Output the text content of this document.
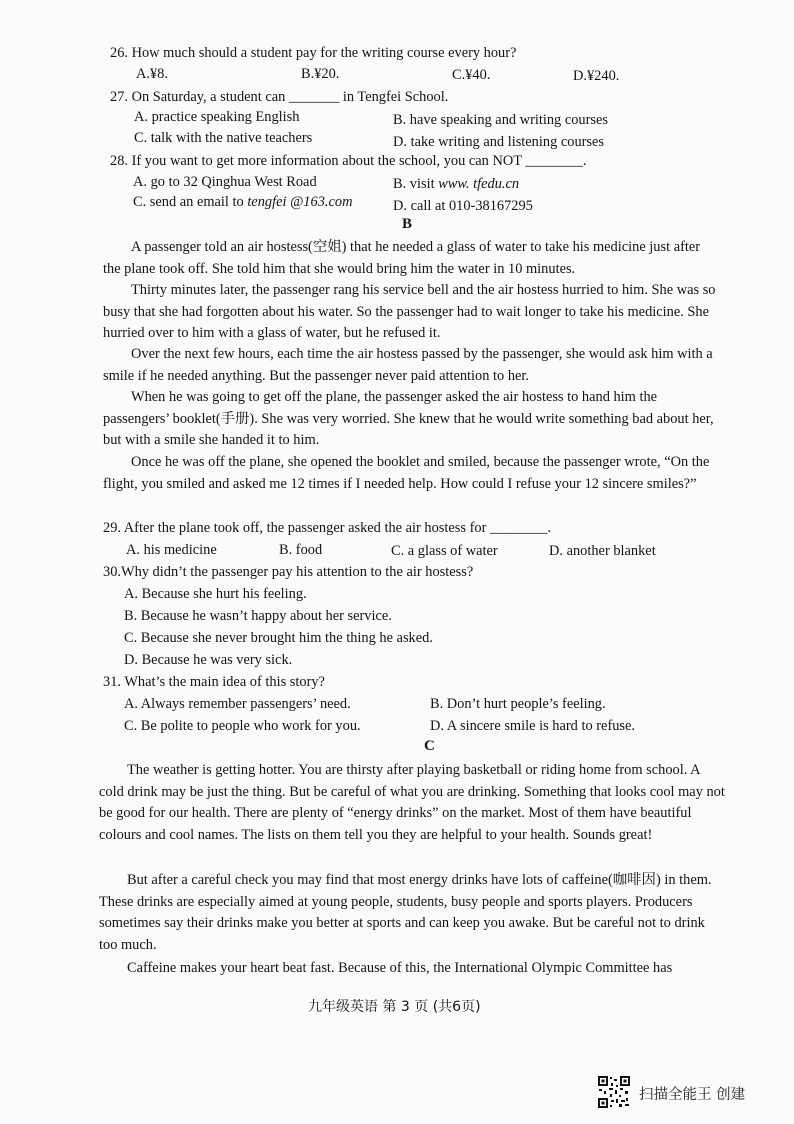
26. How much should a student pay for the writing course every hour?
A.¥8.	B.¥20.	C.¥40.	D.¥240.
27. On Saturday, a student can _______ in Tengfei School.
A. practice speaking English	B. have speaking and writing courses
C. talk with the native teachers	D. take writing and listening courses
28. If you want to get more information about the school, you can NOT ________.
A. go to 32 Qinghua West Road	B. visit www. tfedu.cn
C. send an email to tengfei @163.com	D. call at 010-38167295
B
A passenger told an air hostess(空姐) that he needed a glass of water to take his medicine just after the plane took off. She told him that she would bring him the water in 10 minutes.
Thirty minutes later, the passenger rang his service bell and the air hostess hurried to him. She was so busy that she had forgotten about his water. So the passenger had to wait longer to take his medicine. She hurried over to him with a glass of water, but he refused it.
Over the next few hours, each time the air hostess passed by the passenger, she would ask him with a smile if he needed anything. But the passenger never paid attention to her.
When he was going to get off the plane, the passenger asked the air hostess to hand him the passengers’ booklet(手册). She was very worried. She knew that he would write something bad about her, but with a smile she handed it to him.
Once he was off the plane, she opened the booklet and smiled, because the passenger wrote, “On the flight, you smiled and asked me 12 times if I needed help. How could I refuse your 12 sincere smiles?”
29. After the plane took off, the passenger asked the air hostess for ________.
A. his medicine	B. food	C. a glass of water	D. another blanket
30.Why didn’t the passenger pay his attention to the air hostess?
A. Because she hurt his feeling.
B. Because he wasn’t happy about her service.
C. Because she never brought him the thing he asked.
D. Because he was very sick.
31. What’s the main idea of this story?
A. Always remember passengers’ need.	B. Don’t hurt people’s feeling.
C. Be polite to people who work for you.	D. A sincere smile is hard to refuse.
C
The weather is getting hotter. You are thirsty after playing basketball or riding home from school. A cold drink may be just the thing. But be careful of what you are drinking. Something that looks cool may not be good for our health. There are plenty of “energy drinks” on the market. Most of them have beautiful colours and cool names. The lists on them tell you they are helpful to your health. Sounds great!
But after a careful check you may find that most energy drinks have lots of caffeine(咖啡因) in them. These drinks are especially aimed at young people, students, busy people and sports players. Producers sometimes say their drinks make you better at sports and can keep you awake. But be careful not to drink too much.
Caffeine makes your heart beat fast. Because of this, the International Olympic Committee has
九年级英语 第 3 页 (共6页)
扫描全能王 创建
